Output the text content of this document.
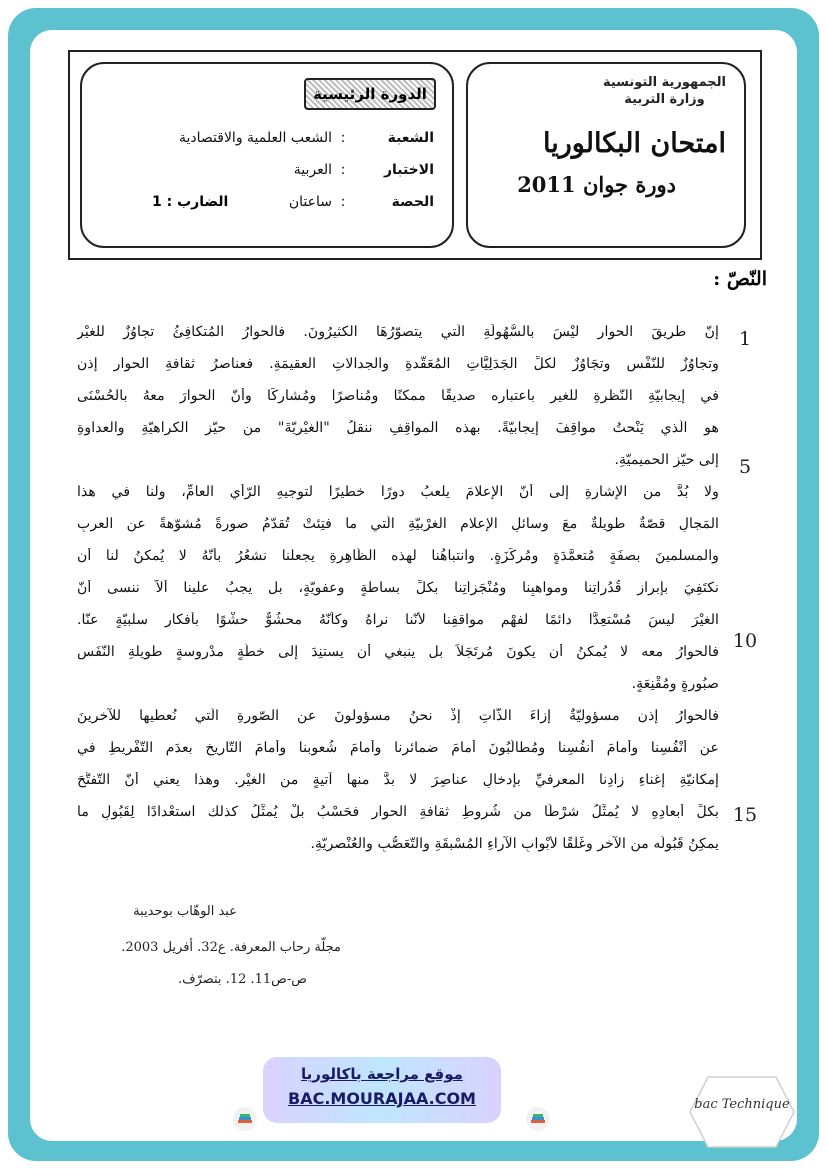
الجمهورية التونسية
وزارة التربية
امتحان البكالوريا
دورة جوان 2011
الدورة الرئيسية
الشعبة
:
الشعب العلمية والاقتصادية
الاختبار
:
العربية
الحصة
:
ساعتان
الضارب : 1
النّصّ :
إنّ طريقَ الحوارِ ليْسَ بالسُّهُولَةِ الّتي يتصوّرُهَا الكثيرُونَ. فالحوارُ المُتكافِئُ تجاوُزٌ للغيْرِ
وتجاوُزٌ للنّفْسِ وتجَاوُزٌ لكلِّ الجَدَلِيَّاتِ المُعَقَّدةِ والجدالاتِ العقيمَةِ. فعناصرُ ثقافةِ الحوارِ إذن
في إيجابيّةِ النّظرةِ للغيرِ باعتبارِه صديقًا ممكنًا ومُناصرًا ومُشاركًا وأنّ الحوارَ معهُ بالحُسْنَى
هو الّذي يَنْحتُ مواقِفَ إيجابيّةً. بهذه المواقِفِ ننقلُ "الغيْريّةَ" من حيّزِ الكراهيّةِ والعداوةِ
إلى حيّزِ الحميميّةِ.
ولا بُدَّ من الإشارةِ إلى أنّ الإعلامَ يلعبُ دورًا خطيرًا لتوجيهِ الرّأيِ العامِّ، ولنا في هذا
المَجالِ قصّةٌ طويلةٌ معَ وسائلِ الإعلامِ الغرْبيّةِ الّتي ما فتِئتْ تُقدّمُ صورةً مُشوّهةً عن العربِ
والمسلمينَ بصفَةٍ مُتعمَّدَةٍ ومُركَّزَةٍ. وانتباهُنا لهذه الظّاهِرةِ يجعلنا نشعُرُ بأنّهُ لا يُمكنُ لنا أن
نكتَفِيَ بإبرازِ قُدُراتِنا ومواهبِنا ومُنْجَزاتِنا بكلِّ بساطةٍ وعفويّةٍ، بل يجبُ علينا ألاّ ننسى أنّ
الغيْرَ ليسَ مُسْتعِدًّا دائمًا لفهْمِ مواقفِنا لأنّنا نراهُ وكأنّهُ محشُوٌّ حشْوًا بأفكارٍ سلبيّةٍ عنّا.
فالحوارُ معه لا يُمكنُ أن يكونَ مُرتَجَلاً بل ينبغي أن يستنِدَ إلى خطّةٍ مدْروسةٍ طويلةِ النّفَسِ
صبُورةٍ ومُقْنِعَةٍ.
فالحوارُ إذن مسؤوليّةٌ إزاءَ الذّاتِ إذْ نحنُ مسؤولونَ عن الصّورةِ الّتي نُعطيها للآخرينَ
عن أنْفُسِنا وأمامَ أنفُسِنا ومُطالَبُونَ أمامَ ضمائرِنا وأمامَ شُعوبنا وأمامَ التّاريخِ بعدَمِ التّفْريطِ في
إمكانيّةِ إغناءِ زادِنا المعرفيِّ بإدخالِ عناصِرَ لا بدَّ منها آتيةٍ من الغيْرِ. وهذا يعني أنّ التّفتُّحَ
بكلِّ أبعادِهِ لا يُمثِّلُ شرْطًا من شُروطِ ثقافةِ الحوارِ فحَسْبُ بلْ يُمثِّلُ كذلك استعْدادًا لِقَبُولِ ما
يمكِنُ قَبُولُه من الآخرِ وغَلْقًا لأبْوابِ الآراءِ المُسْبقَةِ والتّعَصُّبِ والعُنْصريّةِ.
1
5
10
15
عبد الوهّاب بوحديبة
مجلّة رحاب المعرفة. ع32. أفريل 2003.
ص-ص11. 12. بتصرّف.
موقع مراجعة باكالوريا
BAC.MOURAJAA.COM	bac Technique
